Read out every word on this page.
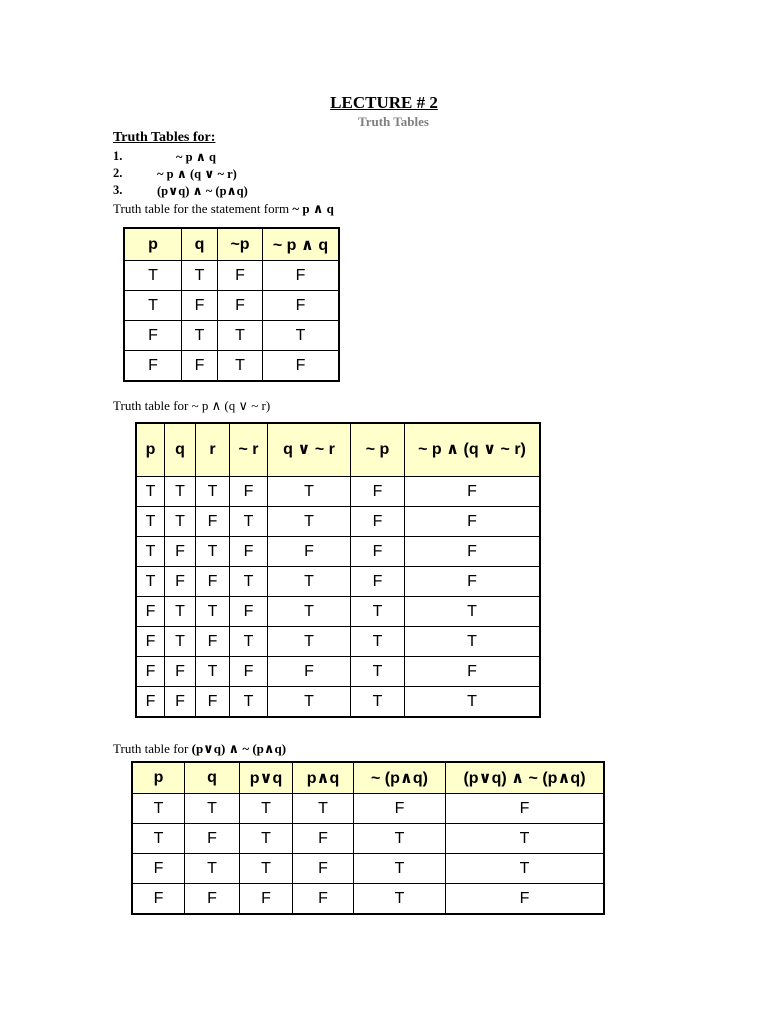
LECTURE # 2
Truth Tables
Truth Tables for:
1.	~ p ∧ q
2.	~ p ∧ (q ∨ ~ r)
3.	(p∨q) ∧ ~ (p∧q)
Truth table for the statement form ~ p ∧ q
p	q	~p	~ p ∧ q
T	T	F	F
T	F	F	F
F	T	T	T
F	F	T	F
Truth table for ~ p ∧ (q ∨ ~ r)
p	q	r	~ r	q ∨ ~ r	~ p	~ p ∧ (q ∨ ~ r)
T	T	T	F	T	F	F
T	T	F	T	T	F	F
T	F	T	F	F	F	F
T	F	F	T	T	F	F
F	T	T	F	T	T	T
F	T	F	T	T	T	T
F	F	T	F	F	T	F
F	F	F	T	T	T	T
Truth table for (p∨q) ∧ ~ (p∧q)
p	q	p∨q	p∧q	~ (p∧q)	(p∨q) ∧ ~ (p∧q)
T	T	T	T	F	F
T	F	T	F	T	T
F	T	T	F	T	T
F	F	F	F	T	F
